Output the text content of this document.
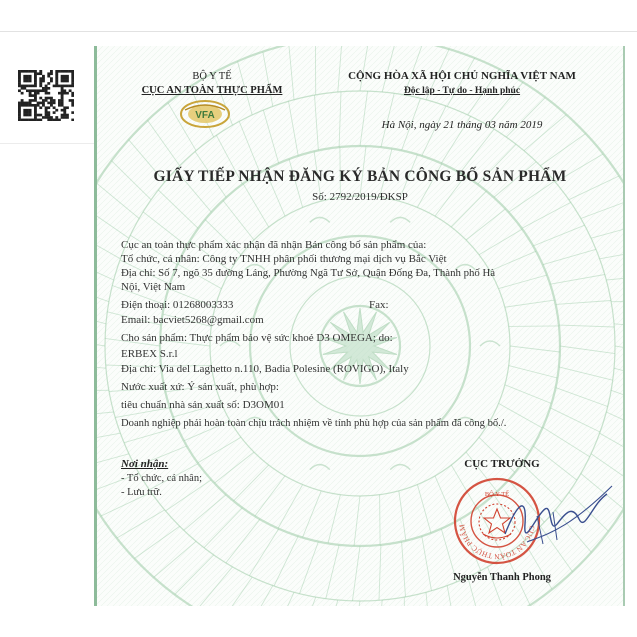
BỘ Y TẾ
CỤC AN TOÀN THỰC PHẨM
VFA
CỘNG HÒA XÃ HỘI CHỦ NGHĨA VIỆT NAM
Độc lập - Tự do - Hạnh phúc
Hà Nội, ngày 21 tháng 03 năm 2019
GIẤY TIẾP NHẬN ĐĂNG KÝ BẢN CÔNG BỐ SẢN PHẨM
Số: 2792/2019/ĐKSP
Cục an toàn thực phẩm xác nhận đã nhận Bản công bố sản phẩm của:
Tổ chức, cá nhân: Công ty TNHH phân phối thương mại dịch vụ Bắc Việt
Địa chỉ: Số 7, ngõ 35 đường Láng, Phường Ngã Tư Sở, Quận Đống Đa, Thành phố Hà
Nội, Việt Nam
Điện thoại: 01268003333	Fax:
Email: bacviet5268@gmail.com
Cho sản phẩm: Thực phẩm bảo vệ sức khoẻ D3 OMEGA; do:
ERBEX S.r.l
Địa chỉ: Via del Laghetto n.110, Badia Polesine (ROVIGO), Italy
Nước xuất xứ: Ý sản xuất, phù hợp:
tiêu chuẩn nhà sản xuất số: D3OM01
Doanh nghiệp phải hoàn toàn chịu trách nhiệm về tính phù hợp của sản phẩm đã công bố./.
Nơi nhận:
- Tổ chức, cá nhân;
- Lưu trữ.
CỤC TRƯỞNG
CỤC AN TOÀN THỰC PHẨM
BỘ Y TẾ
Nguyễn Thanh Phong
